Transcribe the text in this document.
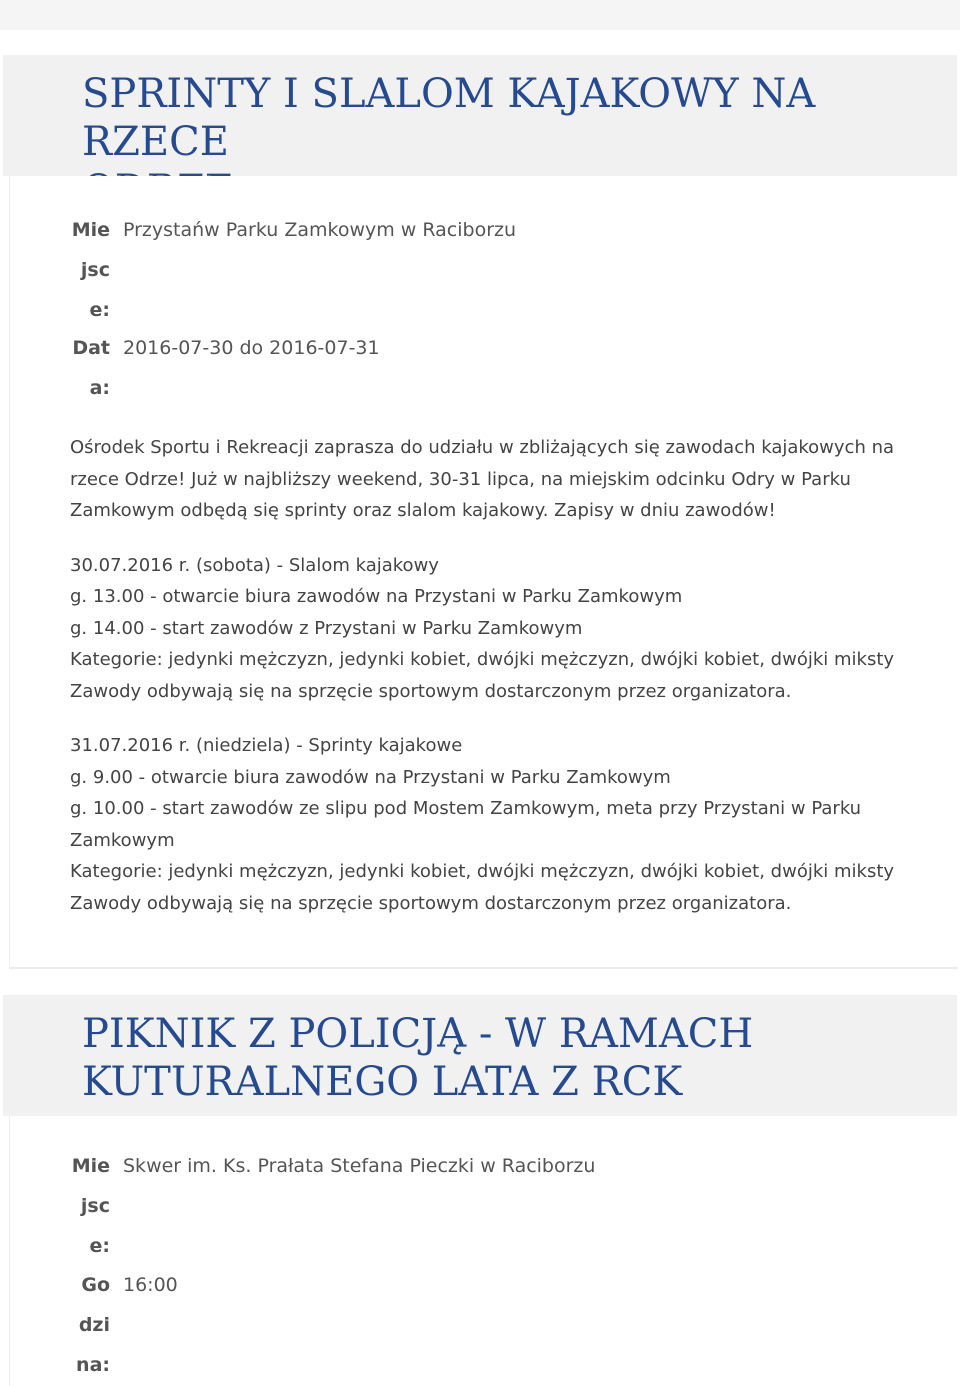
SPRINTY I SLALOM KAJAKOWY NA RZECE

Mie
jsc
e:
Przystańw Parku Zamkowym w Raciborzu
Dat
a:
2016-07-30 do 2016-07-31

Ośrodek Sportu i Rekreacji zaprasza do udziału w zbliżających się zawodach kajakowych na

rzece Odrze! Już w najbliższy weekend, 30-31 lipca, na miejskim odcinku Odry w Parku

Zamkowym odbędą się sprinty oraz slalom kajakowy. Zapisy w dniu zawodów!

30.07.2016 r. (sobota) - Slalom kajakowy

g. 13.00 - otwarcie biura zawodów na Przystani w Parku Zamkowym

g. 14.00 - start zawodów z Przystani w Parku Zamkowym

Kategorie: jedynki mężczyzn, jedynki kobiet, dwójki mężczyzn, dwójki kobiet, dwójki miksty

Zawody odbywają się na sprzęcie sportowym dostarczonym przez organizatora.

31.07.2016 r. (niedziela) - Sprinty kajakowe

g. 9.00 - otwarcie biura zawodów na Przystani w Parku Zamkowym

g. 10.00 - start zawodów ze slipu pod Mostem Zamkowym, meta przy Przystani w Parku

Zamkowym

Kategorie: jedynki mężczyzn, jedynki kobiet, dwójki mężczyzn, dwójki kobiet, dwójki miksty

Zawody odbywają się na sprzęcie sportowym dostarczonym przez organizatora.

PIKNIK Z POLICJĄ - W RAMACH
KUTURALNEGO LATA Z RCK
Mie
jsc
e:
Skwer im. Ks. Prałata Stefana Pieczki w Raciborzu
Go
dzi
na:
16:00
